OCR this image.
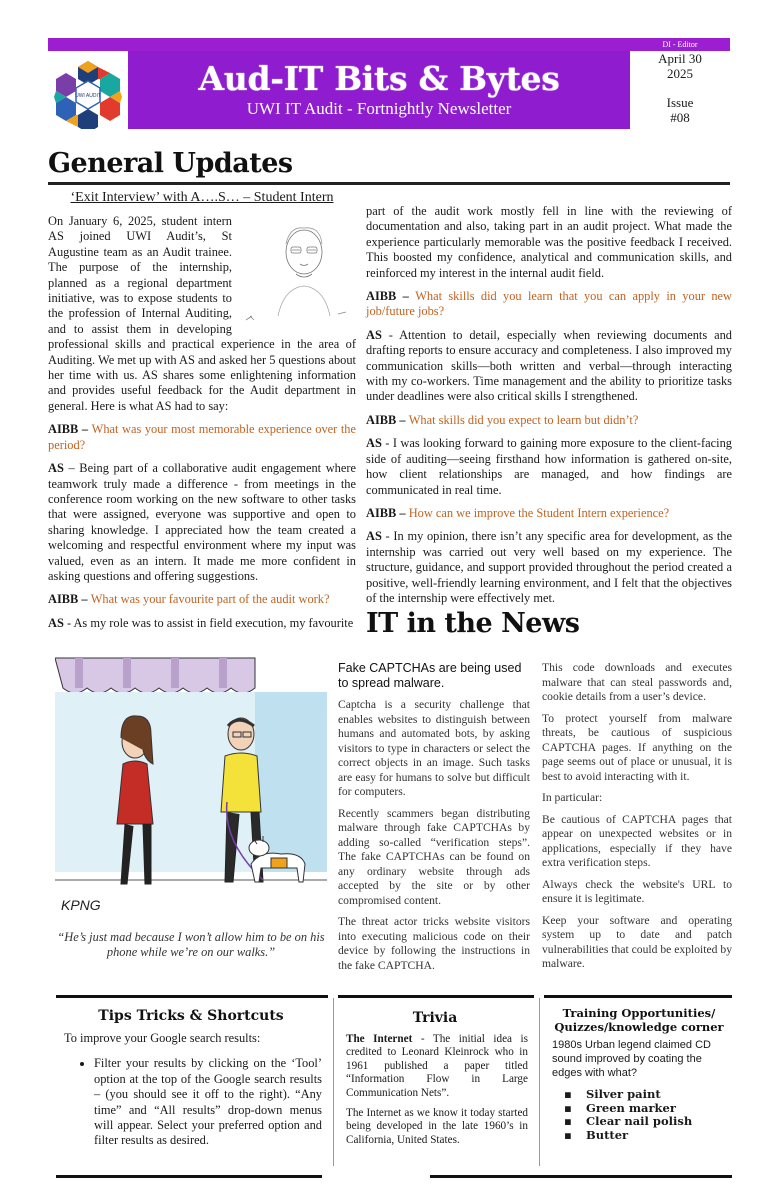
DI - Editor
UWI AUDIT	Aud-IT Bits & Bytes
UWI IT Audit - Fortnightly Newsletter
April 30
2025
Issue
#08
General Updates
‘Exit Interview’ with A….S… – Student Intern

On January 6, 2025, student intern AS joined UWI Audit’s, St Augustine team as an Audit trainee. The purpose of the internship, planned as a regional department initiative, was to expose students to the profession of Internal Auditing, and to assist them in developing professional skills and practical experience in the area of Auditing. We met up with AS and asked her 5 questions about her time with us. AS shares some enlightening information and provides useful feedback for the Audit department in general. Here is what AS had to say:

AIBB – What was your most memorable experience over the period?

AS – Being part of a collaborative audit engagement where teamwork truly made a difference - from meetings in the conference room working on the new software to other tasks that were assigned, everyone was supportive and open to sharing knowledge. I appreciated how the team created a welcoming and respectful environment where my input was valued, even as an intern. It made me more confident in asking questions and offering suggestions.

AIBB – What was your favourite part of the audit work?

AS - As my role was to assist in field execution, my favourite

part of the audit work mostly fell in line with the reviewing of documentation and also, taking part in an audit project. What made the experience particularly memorable was the positive feedback I received. This boosted my confidence, analytical and communication skills, and reinforced my interest in the internal audit field.

AIBB – What skills did you learn that you can apply in your new job/future jobs?

AS - Attention to detail, especially when reviewing documents and drafting reports to ensure accuracy and completeness. I also improved my communication skills—both written and verbal—through interacting with my co-workers. Time management and the ability to prioritize tasks under deadlines were also critical skills I strengthened.

AIBB – What skills did you expect to learn but didn’t?

AS - I was looking forward to gaining more exposure to the client-facing side of auditing—seeing firsthand how information is gathered on-site, how client relationships are managed, and how findings are communicated in real time.

AIBB – How can we improve the Student Intern experience?

AS - In my opinion, there isn’t any specific area for development, as the internship was carried out very well based on my experience. The structure, guidance, and support provided throughout the period created a positive, well-friendly learning environment, and I felt that the objectives of the internship were effectively met.

IT in the News
KPNG
“He’s just mad because I won’t allow him to be on his phone while we’re on our walks.”

Fake CAPTCHAs are being used to spread malware.

Captcha is a security challenge that enables websites to distinguish between humans and automated bots, by asking visitors to type in characters or select the correct objects in an image. Such tasks are easy for humans to solve but difficult for computers.

Recently scammers began distributing malware through fake CAPTCHAs by adding so-called “verification steps”. The fake CAPTCHAs can be found on any ordinary website through ads accepted by the site or by other compromised content.

The threat actor tricks website visitors into executing malicious code on their device by following the instructions in the fake CAPTCHA.

This code downloads and executes malware that can steal passwords and, cookie details from a user’s device.

To protect yourself from malware threats, be cautious of suspicious CAPTCHA pages. If anything on the page seems out of place or unusual, it is best to avoid interacting with it.

In particular:

Be cautious of CAPTCHA pages that appear on unexpected websites or in applications, especially if they have extra verification steps.

Always check the website's URL to ensure it is legitimate.

Keep your software and operating system up to date and patch vulnerabilities that could be exploited by malware.

Tips Tricks & Shortcuts
To improve your Google search results:
• Filter your results by clicking on the ‘Tool’ option at the top of the Google search results – (you should see it off to the right). “Any time” and “All results” drop-down menus will appear. Select your preferred option and filter results as desired.
Trivia

The Internet - The initial idea is credited to Leonard Kleinrock who in 1961 published a paper titled “Information Flow in Large Communication Nets”.

The Internet as we know it today started being developed in the late 1960’s in California, United States.

Training Opportunities/ Quizzes/knowledge corner
1980s Urban legend claimed CD sound improved by coating the edges with what?
▪ Silver paint
▪ Green marker
▪ Clear nail polish
▪ Butter
